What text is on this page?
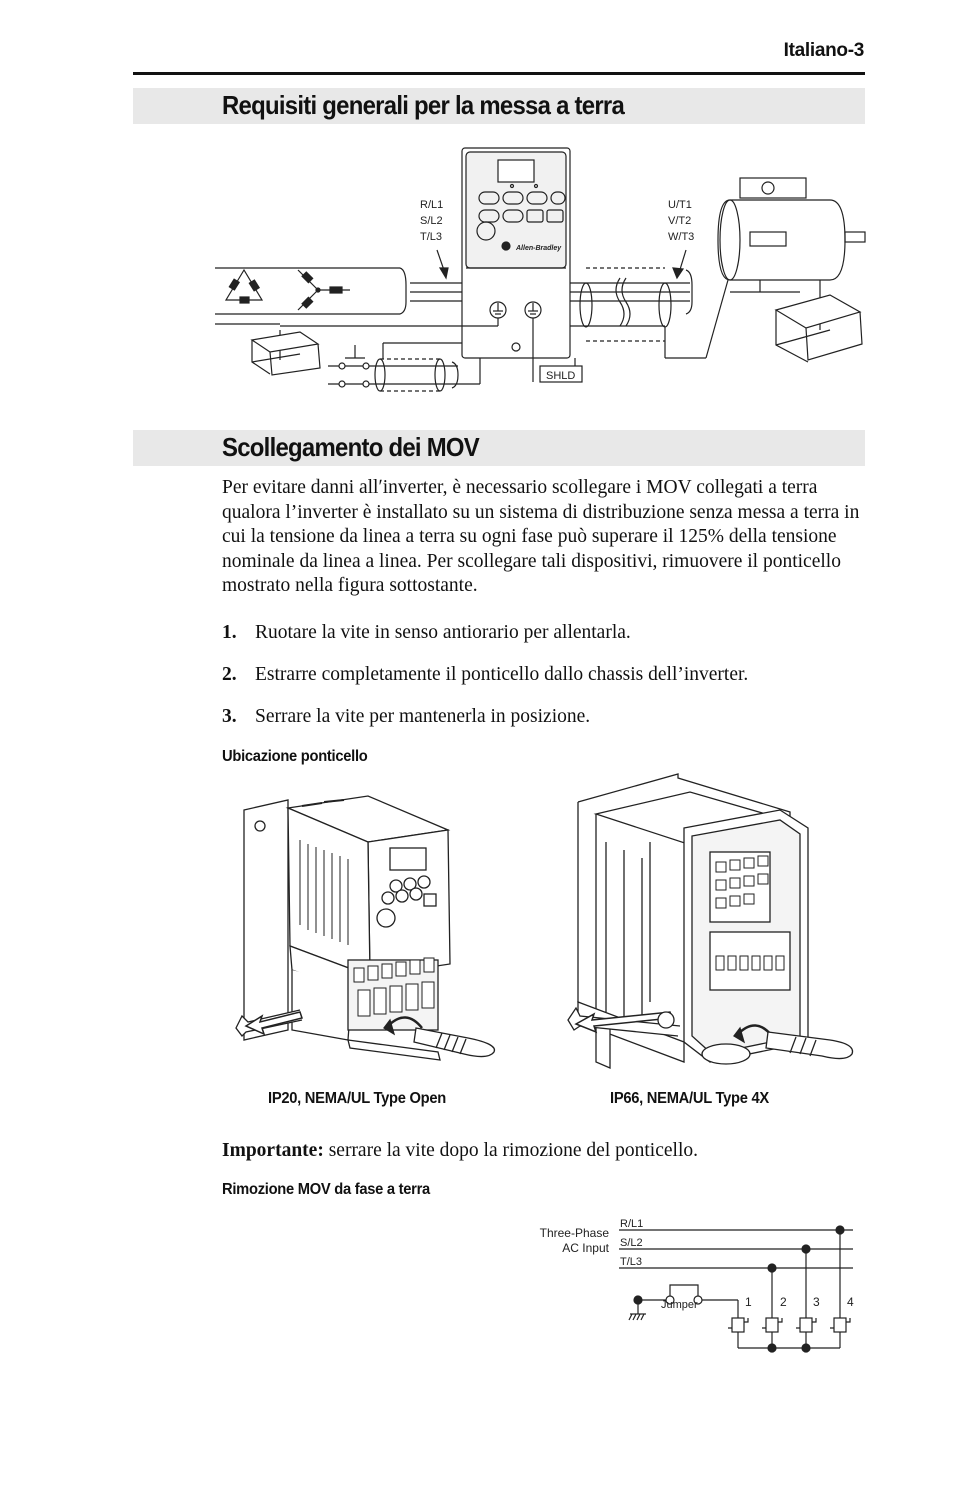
Italiano-3
Requisiti generali per la messa a terra
Allen-Bradley
R/L1
S/L2
T/L3
U/T1
V/T2
W/T3
SHLD
Scollegamento dei MOV
Per evitare danni allʹinverter, è necessario scollegare i MOV collegati a terra qualora l’inverter è installato su un sistema di distribuzione senza messa a terra in cui la tensione da linea a terra su ogni fase può superare il 125% della tensione nominale da linea a linea. Per scollegare tali dispositivi, rimuovere il ponticello mostrato nella figura sottostante.
1. Ruotare la vite in senso antiorario per allentarla.
2. Estrarre completamente il ponticello dallo chassis dell’inverter.
3. Serrare la vite per mantenerla in posizione.
Ubicazione ponticello
IP20, NEMA/UL Type Open	IP66, NEMA/UL Type 4X
Importante: serrare la vite dopo la rimozione del ponticello.
Rimozione MOV da fase a terra
Three-Phase
AC Input
R/L1
S/L2
T/L3
Jumper	1 2 3 4
